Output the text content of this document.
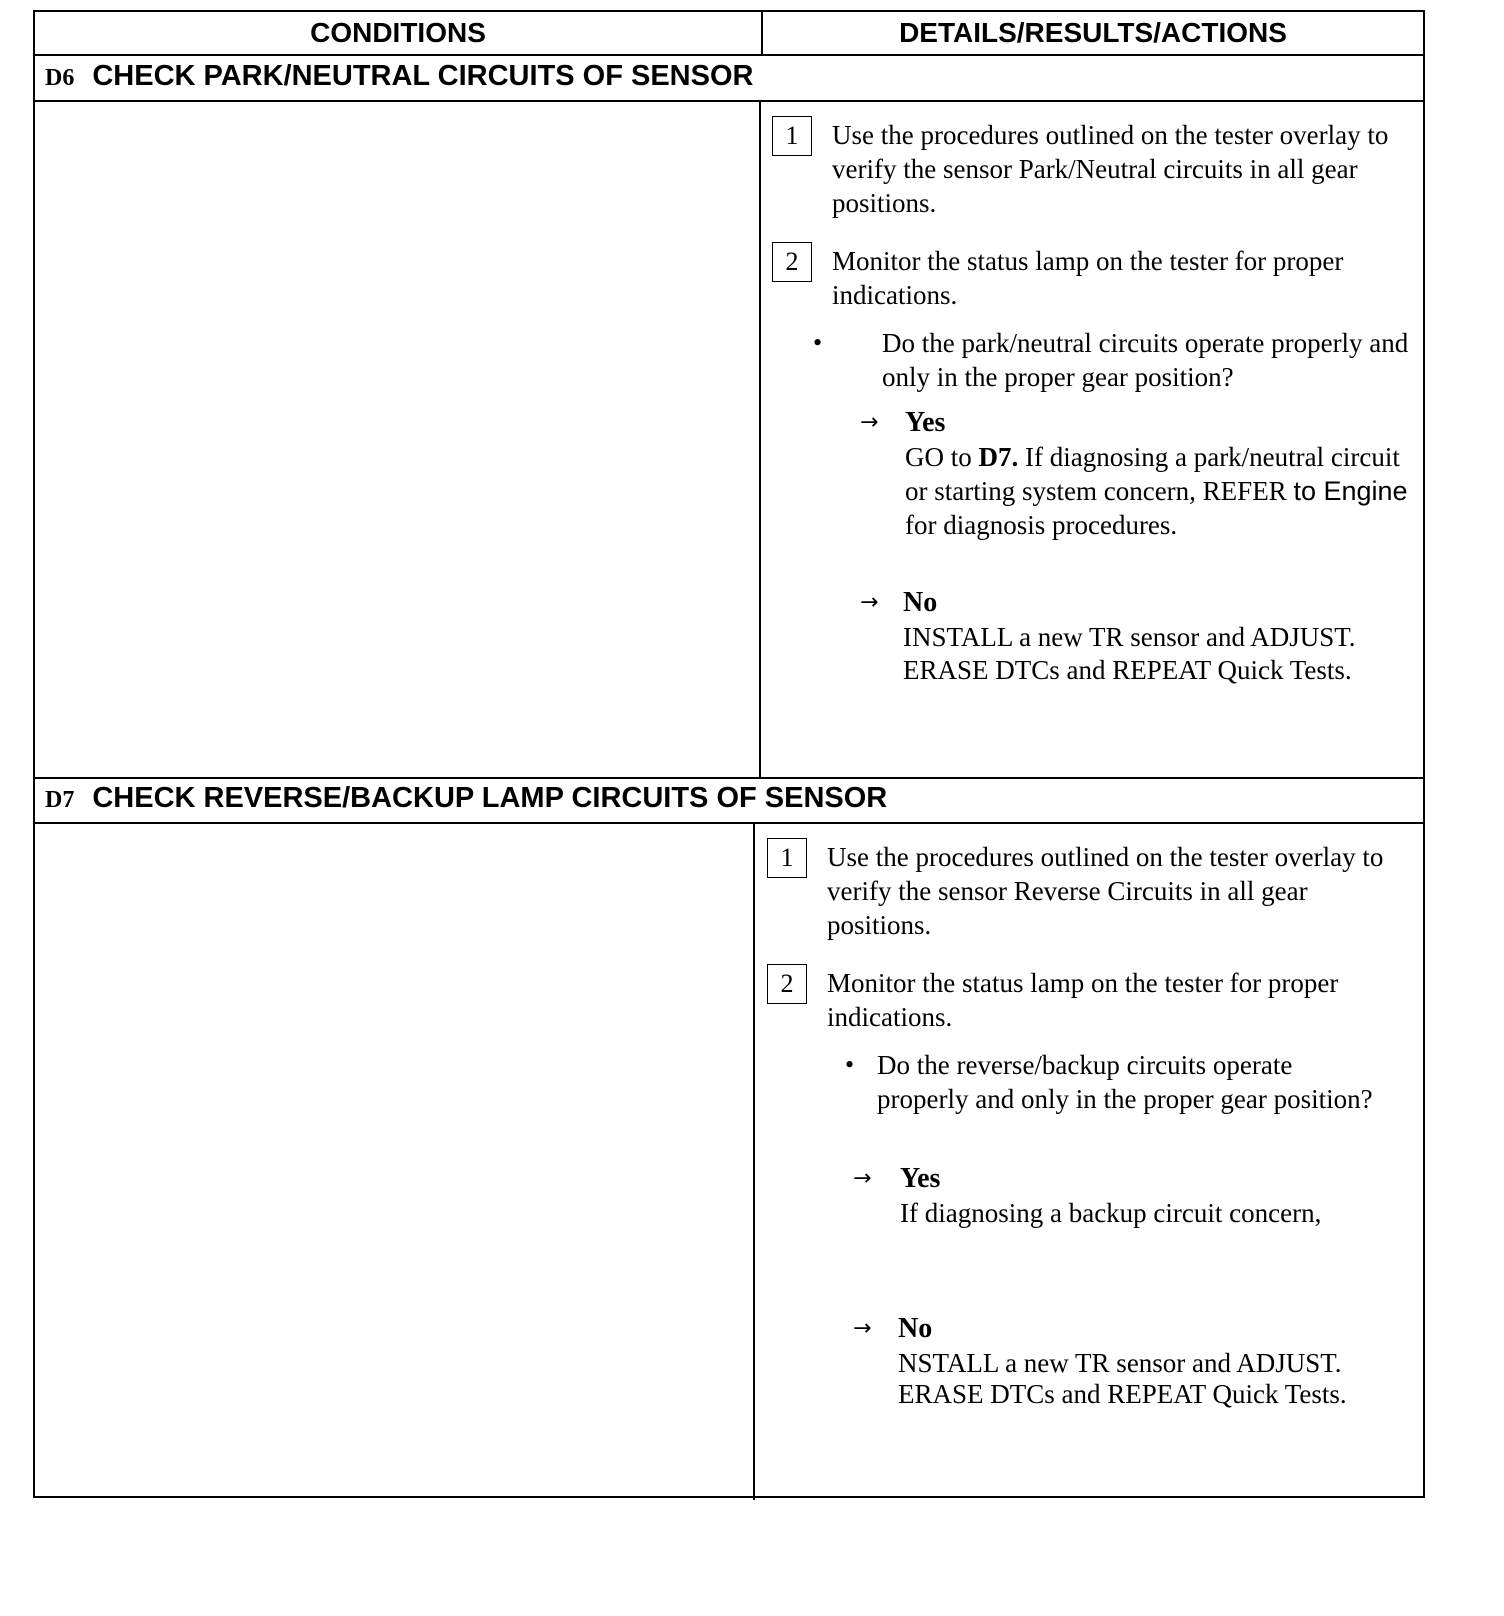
CONDITIONS	DETAILS/RESULTS/ACTIONS
D6 CHECK PARK/NEUTRAL CIRCUITS OF SENSOR
1	Use the procedures outlined on the tester overlay to verify the sensor Park/Neutral circuits in all gear positions.
2	Monitor the status lamp on the tester for proper indications.
• Do the park/neutral circuits operate properly and only in the proper gear position?
→ Yes
GO to D7. If diagnosing a park/neutral circuit or starting system concern, REFER to Engine  for diagnosis procedures.
→ No
INSTALL a new TR sensor and ADJUST.
ERASE DTCs and REPEAT Quick Tests.
D7 CHECK REVERSE/BACKUP LAMP CIRCUITS OF SENSOR
1	Use the procedures outlined on the tester overlay to verify the sensor Reverse Circuits in all gear positions.
2	Monitor the status lamp on the tester for proper indications.
• Do the reverse/backup circuits operate properly and only in the proper gear position?
→ Yes
If diagnosing a backup circuit concern,
→ No
NSTALL a new TR sensor and ADJUST.
ERASE DTCs and REPEAT Quick Tests.
